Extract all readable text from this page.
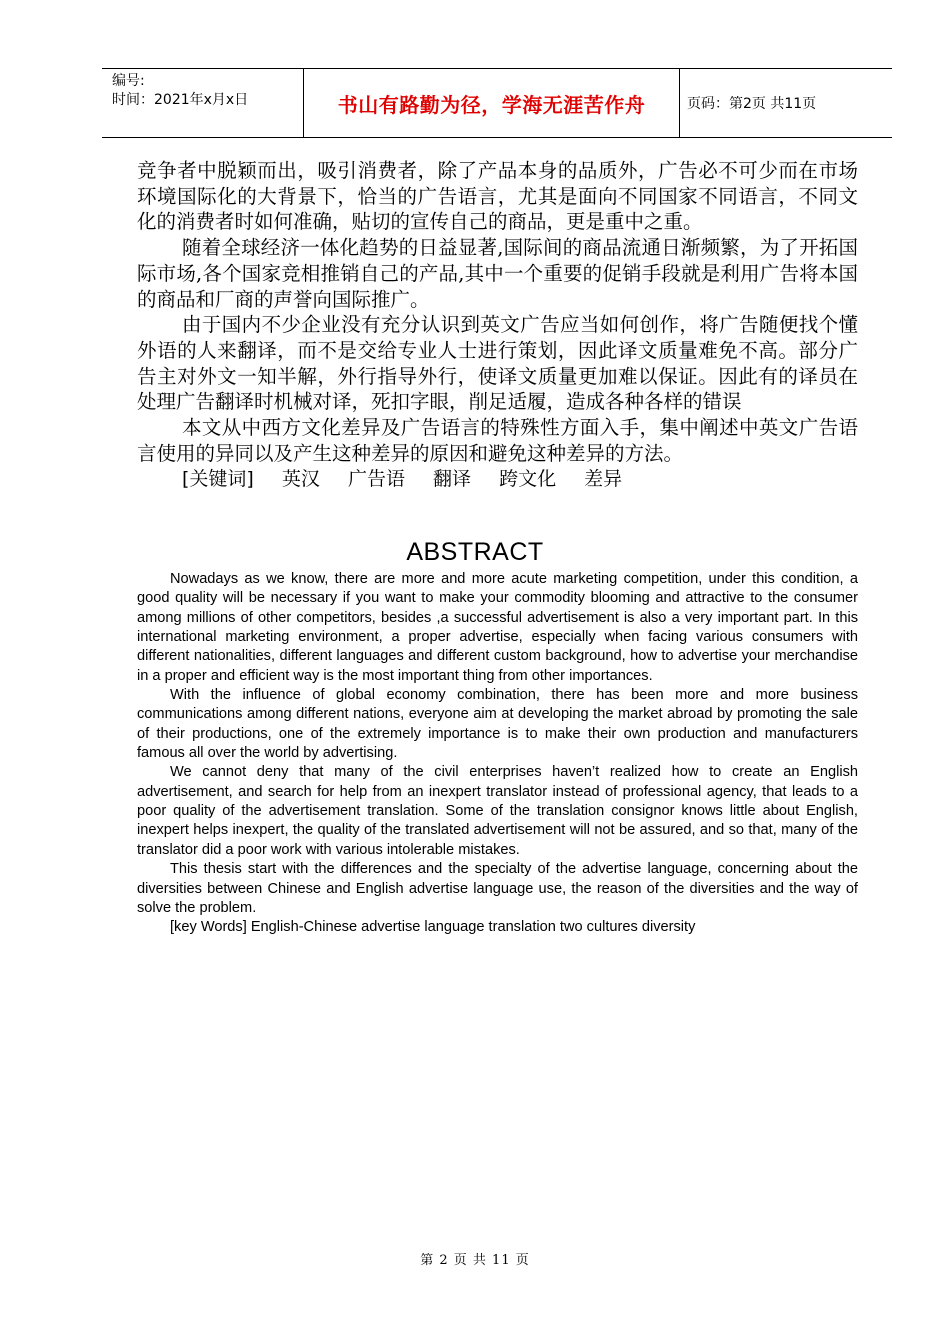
编号:
时间：2021年x月x日	书山有路勤为径，学海无涯苦作舟	页码：第2页 共11页

竞争者中脱颖而出，吸引消费者，除了产品本身的品质外，广告必不可少而在市场环境国际化的大背景下，恰当的广告语言，尤其是面向不同国家不同语言，不同文化的消费者时如何准确，贴切的宣传自己的商品，更是重中之重。

随着全球经济一体化趋势的日益显著,国际间的商品流通日渐频繁，为了开拓国际市场,各个国家竞相推销自己的产品,其中一个重要的促销手段就是利用广告将本国的商品和厂商的声誉向国际推广。

由于国内不少企业没有充分认识到英文广告应当如何创作，将广告随便找个懂外语的人来翻译，而不是交给专业人士进行策划，因此译文质量难免不高。部分广告主对外文一知半解，外行指导外行，使译文质量更加难以保证。因此有的译员在处理广告翻译时机械对译，死扣字眼，削足适履，造成各种各样的错误

本文从中西方文化差异及广告语言的特殊性方面入手，集中阐述中英文广告语言使用的异同以及产生这种差异的原因和避免这种差异的方法。

[关键词] 英汉 广告语 翻译 跨文化 差异

ABSTRACT

Nowadays as we know, there are more and more acute marketing competition, under this condition, a good quality will be necessary if you want to make your commodity blooming and attractive to the consumer among millions of other competitors, besides ,a successful advertisement is also a very important part. In this international marketing environment, a proper advertise, especially when facing various consumers with different nationalities, different languages and different custom background, how to advertise your merchandise in a proper and efficient way is the most important thing from other importances.

With the influence of global economy combination, there has been more and more business communications among different nations, everyone aim at developing the market abroad by promoting the sale of their productions, one of the extremely importance is to make their own production and manufacturers famous all over the world by advertising.

We cannot deny that many of the civil enterprises haven’t realized how to create an English advertisement, and search for help from an inexpert translator instead of professional agency, that leads to a poor quality of the advertisement translation. Some of the translation consignor knows little about English, inexpert helps inexpert, the quality of the translated advertisement will not be assured, and so that, many of the translator did a poor work with various intolerable mistakes.

This thesis start with the differences and the specialty of the advertise language, concerning about the diversities between Chinese and English advertise language use, the reason of the diversities and the way of solve the problem.

[key Words] English-Chinese advertise language translation two cultures diversity

第 2 页 共 11 页
